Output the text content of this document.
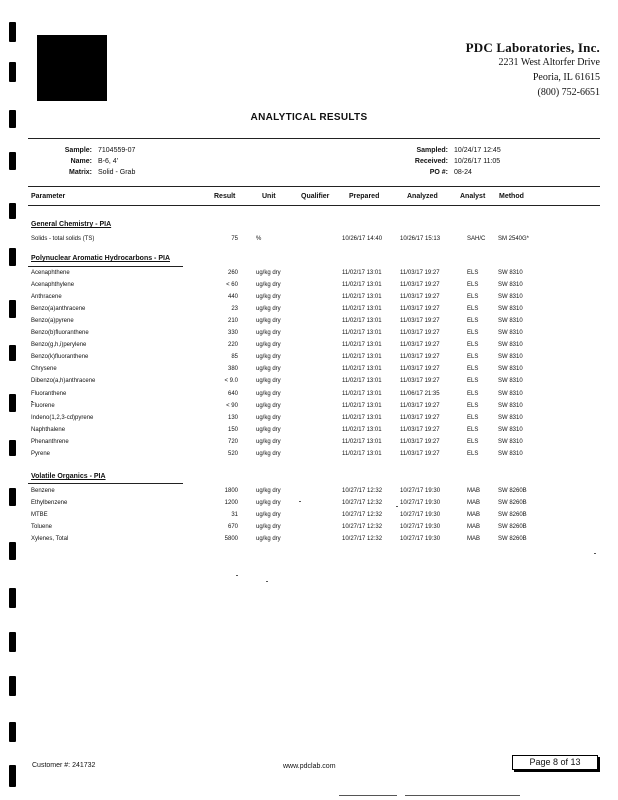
PDC Laboratories, Inc.
2231 West Altorfer Drive
Peoria, IL 61615
(800) 752-6651
ANALYTICAL RESULTS
Sample: 7104559-07
Name: B-6, 4'
Matrix: Solid - Grab
Sampled: 10/24/17 12:45
Received: 10/26/17 11:05
PO #: 08-24
Parameter	Result	Unit	Qualifier	Prepared	Analyzed	Analyst Method
General Chemistry - PIA
Solids - total solids (TS)	75	%	10/26/17 14:40	10/26/17 15:13	SAH/C SM 2540G*
Polynuclear Aromatic Hydrocarbons - PIA
Acenaphthene	260	ug/kg dry	11/02/17 13:01	11/03/17 19:27	ELS	SW 8310
Acenaphthylene	< 60	ug/kg dry	11/02/17 13:01	11/03/17 19:27	ELS	SW 8310
Anthracene	440	ug/kg dry	11/02/17 13:01	11/03/17 19:27	ELS	SW 8310
Benzo(a)anthracene	23	ug/kg dry	11/02/17 13:01	11/03/17 19:27	ELS	SW 8310
Benzo(a)pyrene	210	ug/kg dry	11/02/17 13:01	11/03/17 19:27	ELS	SW 8310
Benzo(b)fluoranthene	330	ug/kg dry	11/02/17 13:01	11/03/17 19:27	ELS	SW 8310
Benzo(g,h,i)perylene	220	ug/kg dry	11/02/17 13:01	11/03/17 19:27	ELS	SW 8310
Benzo(k)fluoranthene	85	ug/kg dry	11/02/17 13:01	11/03/17 19:27	ELS	SW 8310
Chrysene	380	ug/kg dry	11/02/17 13:01	11/03/17 19:27	ELS	SW 8310
Dibenzo(a,h)anthracene	< 9.0	ug/kg dry	11/02/17 13:01	11/03/17 19:27	ELS	SW 8310
Fluoranthene	640	ug/kg dry	11/02/17 13:01	11/06/17 21:35	ELS	SW 8310
Fluorene	< 90	ug/kg dry	11/02/17 13:01	11/03/17 19:27	ELS	SW 8310
Indeno(1,2,3-cd)pyrene	130	ug/kg dry	11/02/17 13:01	11/03/17 19:27	ELS	SW 8310
Naphthalene	150	ug/kg dry	11/02/17 13:01	11/03/17 19:27	ELS	SW 8310
Phenanthrene	720	ug/kg dry	11/02/17 13:01	11/03/17 19:27	ELS	SW 8310
Pyrene	520	ug/kg dry	11/02/17 13:01	11/03/17 19:27	ELS	SW 8310
Volatile Organics - PIA
Benzene	1800	ug/kg dry	10/27/17 12:32	10/27/17 19:30	MAB	SW 8260B
Ethylbenzene	1200	ug/kg dry	10/27/17 12:32	10/27/17 19:30	MAB	SW 8260B
MTBE	31	ug/kg dry	10/27/17 12:32	10/27/17 19:30	MAB	SW 8260B
Toluene	670	ug/kg dry	10/27/17 12:32	10/27/17 19:30	MAB	SW 8260B
Xylenes, Total	5800	ug/kg dry	10/27/17 12:32	10/27/17 19:30	MAB	SW 8260B
Customer #: 241732	www.pdclab.com	Page 8 of 13
